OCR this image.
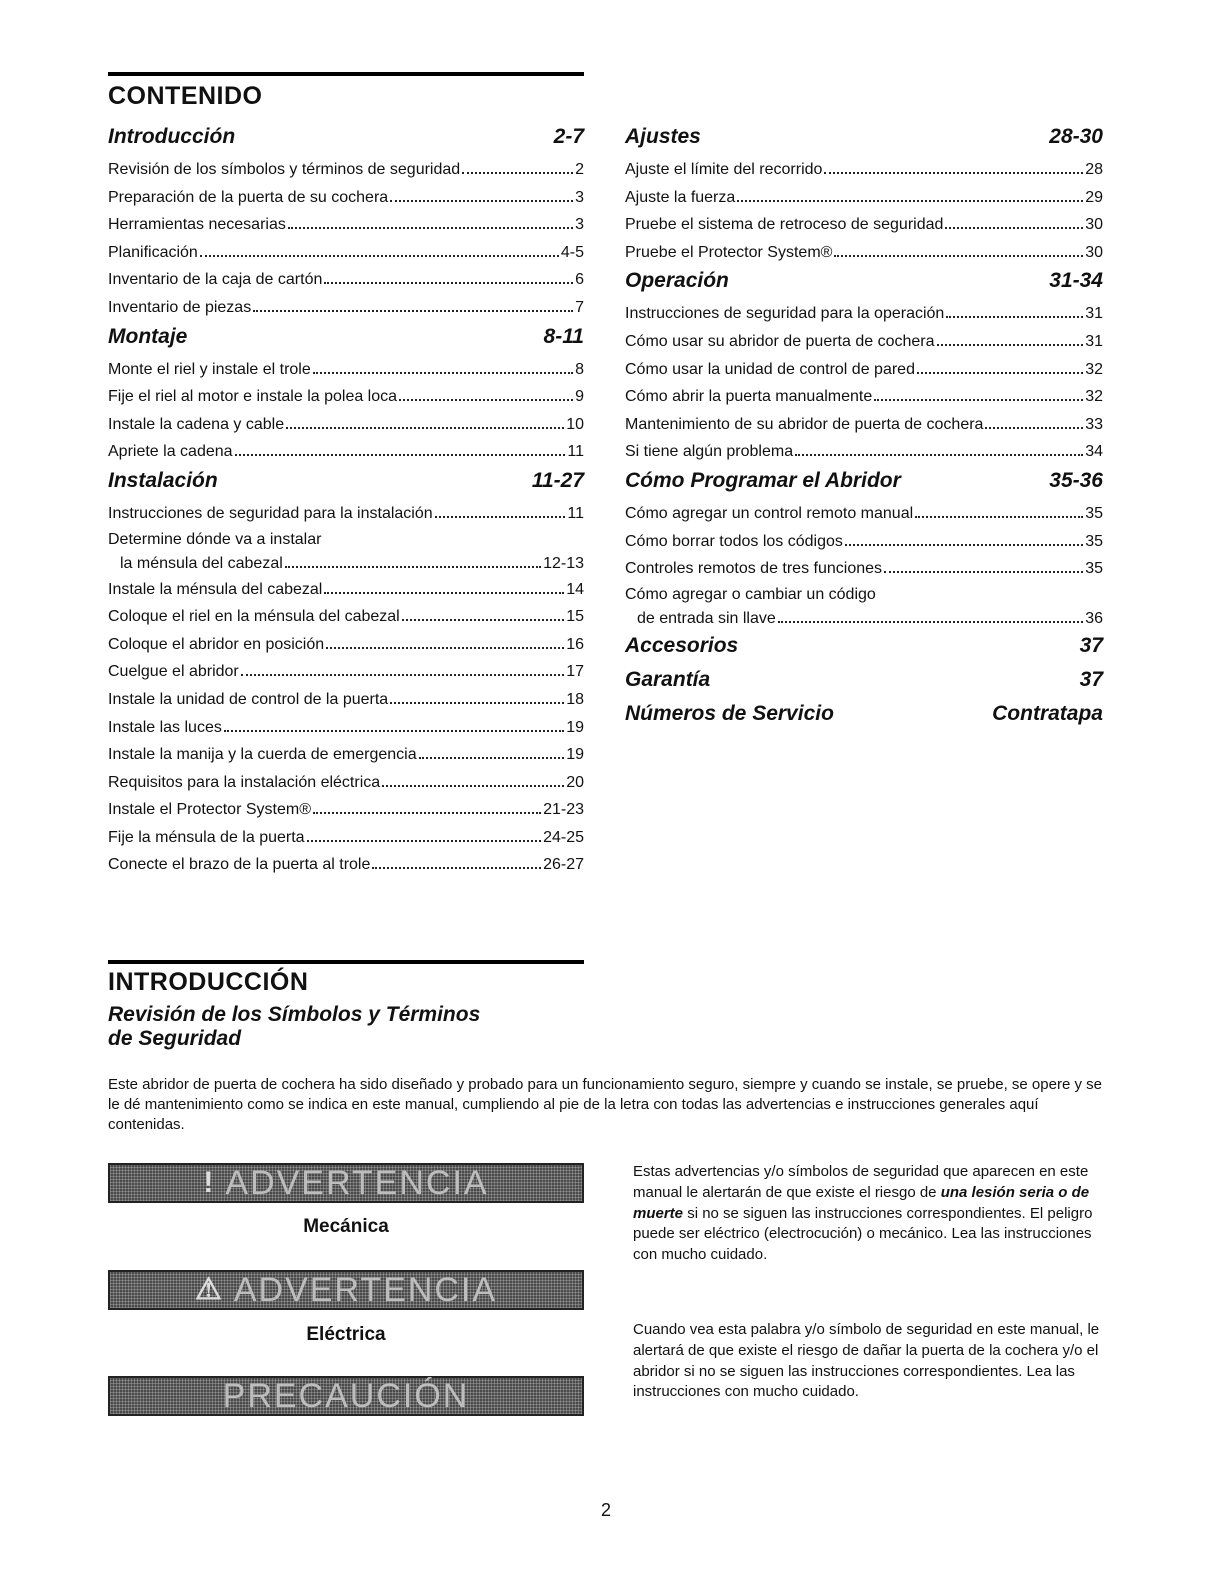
CONTENIDO
Introducción	2-7
Revisión de los símbolos y términos de seguridad	2
Preparación de la puerta de su cochera	3
Herramientas necesarias	3
Planificación	4-5
Inventario de la caja de cartón	6
Inventario de piezas	7
Montaje	8-11
Monte el riel y instale el trole	8
Fije el riel al motor e instale la polea loca	9
Instale la cadena y cable	10
Apriete la cadena	11
Instalación	11-27
Instrucciones de seguridad para la instalación	11
Determine dónde va a instalar
la ménsula del cabezal	12-13
Instale la ménsula del cabezal	14
Coloque el riel en la ménsula del cabezal	15
Coloque el abridor en posición	16
Cuelgue el abridor	17
Instale la unidad de control de la puerta	18
Instale las luces	19
Instale la manija y la cuerda de emergencia	19
Requisitos para la instalación eléctrica	20
Instale el Protector System®	21-23
Fije la ménsula de la puerta	24-25
Conecte el brazo de la puerta al trole	26-27
Ajustes	28-30
Ajuste el límite del recorrido	28
Ajuste la fuerza	29
Pruebe el sistema de retroceso de seguridad	30
Pruebe el Protector System®	30
Operación	31-34
Instrucciones de seguridad para la operación	31
Cómo usar su abridor de puerta de cochera	31
Cómo usar la unidad de control de pared	32
Cómo abrir la puerta manualmente	32
Mantenimiento de su abridor de puerta de cochera	33
Si tiene algún problema	34
Cómo Programar el Abridor	35-36
Cómo agregar un control remoto manual	35
Cómo borrar todos los códigos	35
Controles remotos de tres funciones	35
Cómo agregar o cambiar un código
de entrada sin llave	36
Accesorios	37
Garantía	37
Números de Servicio	Contratapa
INTRODUCCIÓN
Revisión de los Símbolos y Términos
de Seguridad
Este abridor de puerta de cochera ha sido diseñado y probado para un funcionamiento seguro, siempre y cuando se instale, se pruebe, se opere y se le dé mantenimiento como se indica en este manual, cumpliendo al pie de la letra con todas las advertencias e instrucciones generales aquí contenidas.
! ADVERTENCIA
Mecánica
⚠ ADVERTENCIA
Eléctrica
PRECAUCIÓN
Estas advertencias y/o símbolos de seguridad que aparecen en este manual le alertarán de que existe el riesgo de una lesión seria o de muerte si no se siguen las instrucciones correspondientes. El peligro puede ser eléctrico (electrocución) o mecánico. Lea las instrucciones con mucho cuidado.
Cuando vea esta palabra y/o símbolo de seguridad en este manual, le alertará de que existe el riesgo de dañar la puerta de la cochera y/o el abridor si no se siguen las instrucciones correspondientes. Lea las instrucciones con mucho cuidado.
2
